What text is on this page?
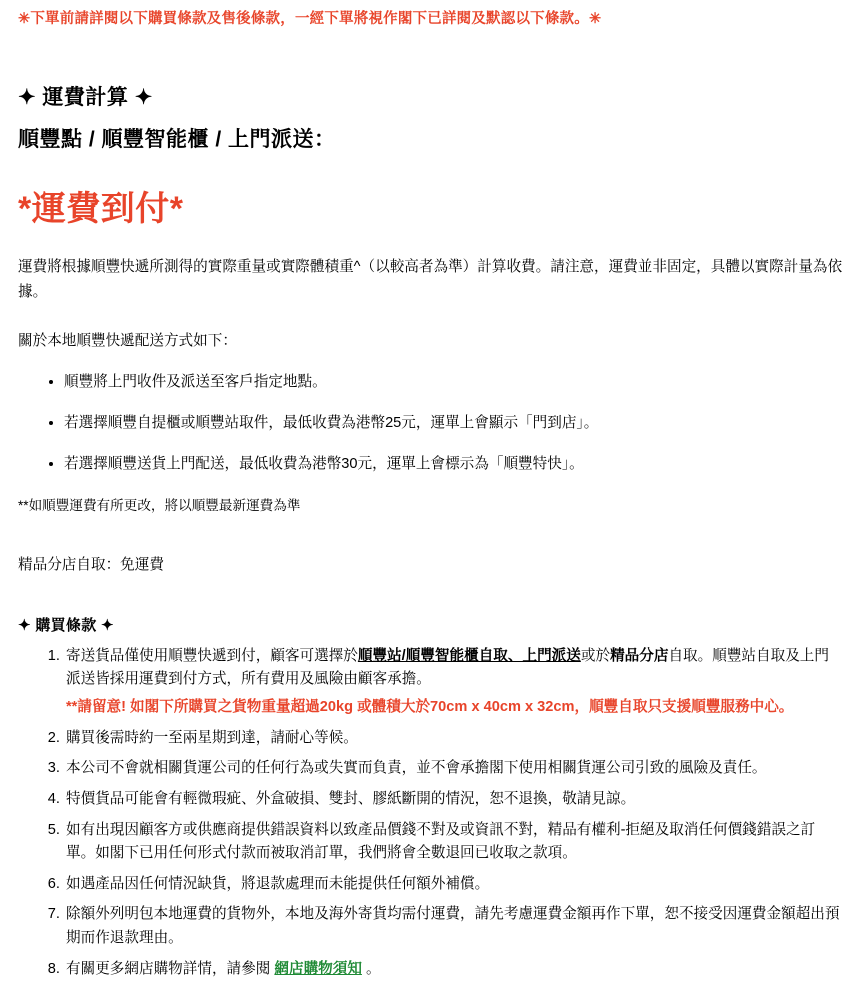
✳下單前請詳閱以下購買條款及售後條款，一經下單將視作閣下已詳閱及默認以下條款。✳
✦ 運費計算 ✦
順豐點 / 順豐智能櫃 / 上門派送：
*運費到付*
運費將根據順豐快遞所測得的實際重量或實際體積重^（以較高者為準）計算收費。請注意，運費並非固定，具體以實際計量為依據。
關於本地順豐快遞配送方式如下：
• 順豐將上門收件及派送至客戶指定地點。
• 若選擇順豐自提櫃或順豐站取件，最低收費為港幣25元，運單上會顯示「門到店」。
• 若選擇順豐送貨上門配送，最低收費為港幣30元，運單上會標示為「順豐特快」。
**如順豐運費有所更改，將以順豐最新運費為準
精品分店自取：免運費
✦ 購買條款 ✦
1. 寄送貨品僅使用順豐快遞到付，顧客可選擇於順豐站/順豐智能櫃自取、上門派送或於精品分店自取。順豐站自取及上門派送皆採用運費到付方式，所有費用及風險由顧客承擔。
**請留意! 如閣下所購買之貨物重量超過20kg 或體積大於70cm x 40cm x 32cm，順豐自取只支援順豐服務中心。
2. 購買後需時約一至兩星期到達，請耐心等候。
3. 本公司不會就相關貨運公司的任何行為或失實而負責，並不會承擔閣下使用相關貨運公司引致的風險及責任。
4. 特價貨品可能會有輕微瑕疵、外盒破損、雙封、膠紙斷開的情況，恕不退換，敬請見諒。
5. 如有出現因顧客方或供應商提供錯誤資料以致產品價錢不對及或資訊不對，精品有權利-拒絕及取消任何價錢錯誤之訂單。如閣下已用任何形式付款而被取消訂單，我們將會全數退回已收取之款項。
6. 如遇產品因任何情況缺貨，將退款處理而未能提供任何額外補償。
7. 除額外列明包本地運費的貨物外，本地及海外寄貨均需付運費，請先考慮運費金額再作下單，恕不接受因運費金額超出預期而作退款理由。
8. 有關更多網店購物詳情，請參閱 網店購物須知 。
